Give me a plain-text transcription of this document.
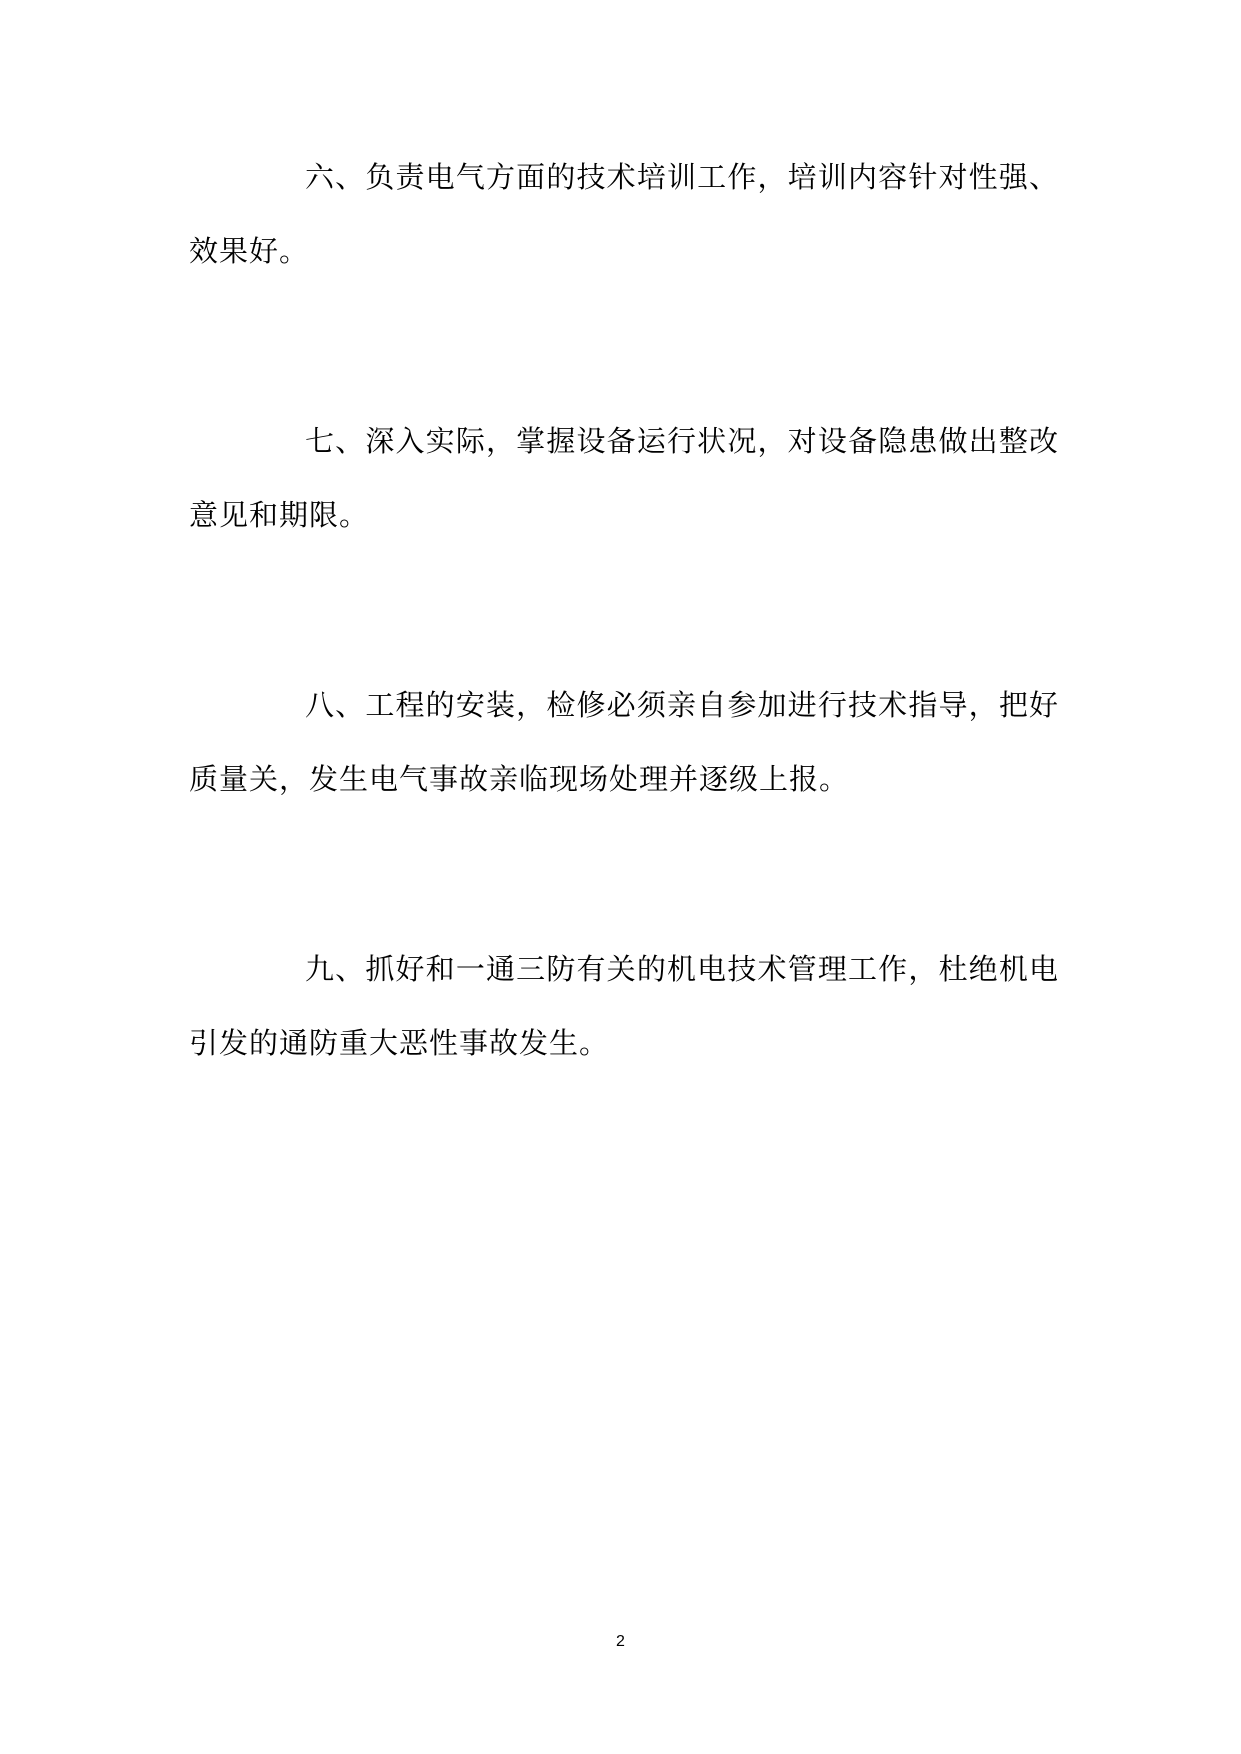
六、负责电气方面的技术培训工作，培训内容针对性强、效果好。

七、深入实际，掌握设备运行状况，对设备隐患做出整改意见和期限。

八、工程的安装，检修必须亲自参加进行技术指导，把好质量关，发生电气事故亲临现场处理并逐级上报。

九、抓好和一通三防有关的机电技术管理工作，杜绝机电引发的通防重大恶性事故发生。

2
